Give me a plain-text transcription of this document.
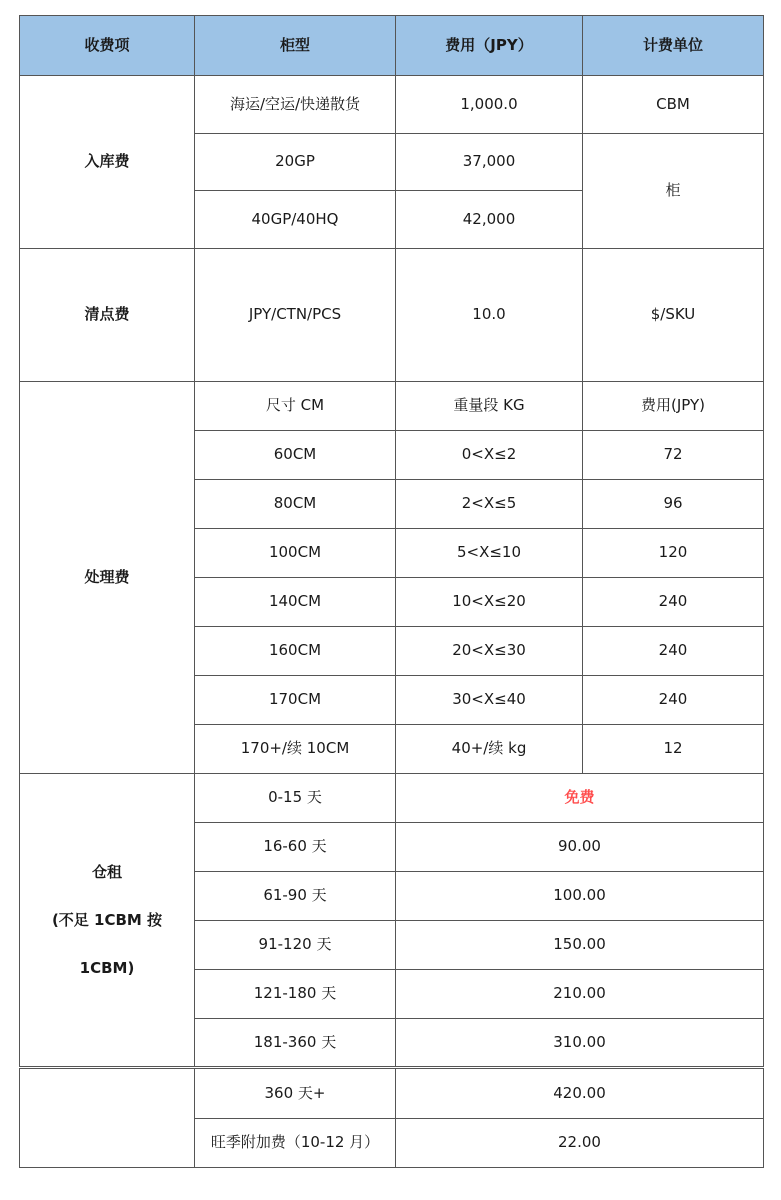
收费项	柜型	费用（JPY）	计费单位
入库费	海运/空运/快递散货	1,000.0	CBM
	20GP	37,000	柜
	40GP/40HQ	42,000	
清点费	JPY/CTN/PCS	10.0	$/SKU
处理费	尺寸 CM	重量段 KG	费用(JPY)
	60CM	0<X≤2	72
	80CM	2<X≤5	96
	100CM	5<X≤10	120
	140CM	10<X≤20	240
	160CM	20<X≤30	240
	170CM	30<X≤40	240
	170+/续 10CM	40+/续 kg	12

仓租
(不足 1CBM 按
1CBM)	0-15 天	免费	
	16-60 天	90.00	
	61-90 天	100.00	
	91-120 天	150.00	
	121-180 天	210.00	
	181-360 天	310.00	
	360 天+	420.00
	旺季附加费（10-12 月）	22.00
